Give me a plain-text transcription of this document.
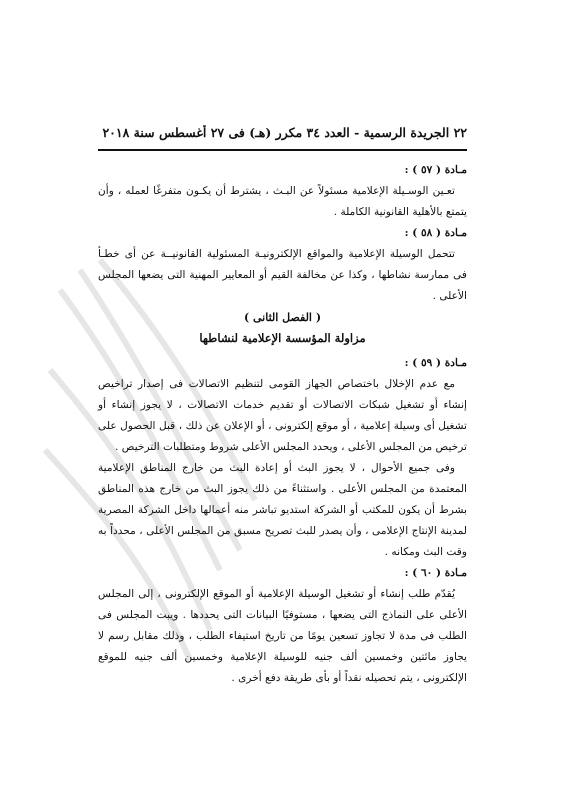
٢٢ الجريدة الرسمية - العدد ٣٤ مكرر (هـ) فى ٢٧ أغسطس سنة ٢٠١٨
مـادة ( ٥٧ ) :
تعـين الوسـيلة الإعلامية مسئولاً عن البـث ، يشترط أن يكـون متفرغًا لعمله ، وأن يتمتع بالأهلية القانونية الكاملة .
مـادة ( ٥٨ ) :
تتحمل الوسيلة الإعلامية والمواقع الإلكترونيـة المسئولية القانونيــة عن أى خطـأ فى ممارسة نشاطها ، وكذا عن مخالفة القيم أو المعايير المهنية التى يضعها المجلس الأعلى .
( الفصل الثانى )
مزاولة المؤسسة الإعلامية لنشاطها
مـادة ( ٥٩ ) :
مع عدم الإخلال باختصاص الجهاز القومى لتنظيم الاتصالات فى إصدار تراخيص إنشاء أو تشغيل شبكات الاتصالات أو تقديم خدمات الاتصالات ، لا يجوز إنشاء أو تشغيل أى وسيلة إعلامية ، أو موقع إلكترونى ، أو الإعلان عن ذلك ، قبل الحصول على ترخيص من المجلس الأعلى ، ويحدد المجلس الأعلى شروط ومتطلبات الترخيص .
وفى جميع الأحوال ، لا يجوز البث أو إعادة البث من خارج المناطق الإعلامية المعتمدة من المجلس الأعلى . واستثناءً من ذلك يجوز البث من خارج هذه المناطق بشرط أن يكون للمكتب أو الشركة استديو تباشر منه أعمالها داخل الشركة المصرية لمدينة الإنتاج الإعلامى ، وأن يصدر للبث تصريح مسبق من المجلس الأعلى ، محدداً به وقت البث ومكانه .
مـادة ( ٦٠ ) :
يُقدّم طلب إنشاء أو تشغيل الوسيلة الإعلامية أو الموقع الإلكترونى ، إلى المجلس الأعلى على النماذج التى يضعها ، مستوفيًا البيانات التى يحددها . ويبت المجلس فى الطلب فى مدة لا تجاوز تسعين يومًا من تاريخ استيفاء الطلب ، وذلك مقابل رسم لا يجاوز مائتين وخمسين ألف جنيه للوسيلة الإعلامية وخمسين ألف جنيه للموقع الإلكترونى ، يتم تحصيله نقداً أو بأى طريقة دفع أخرى .
